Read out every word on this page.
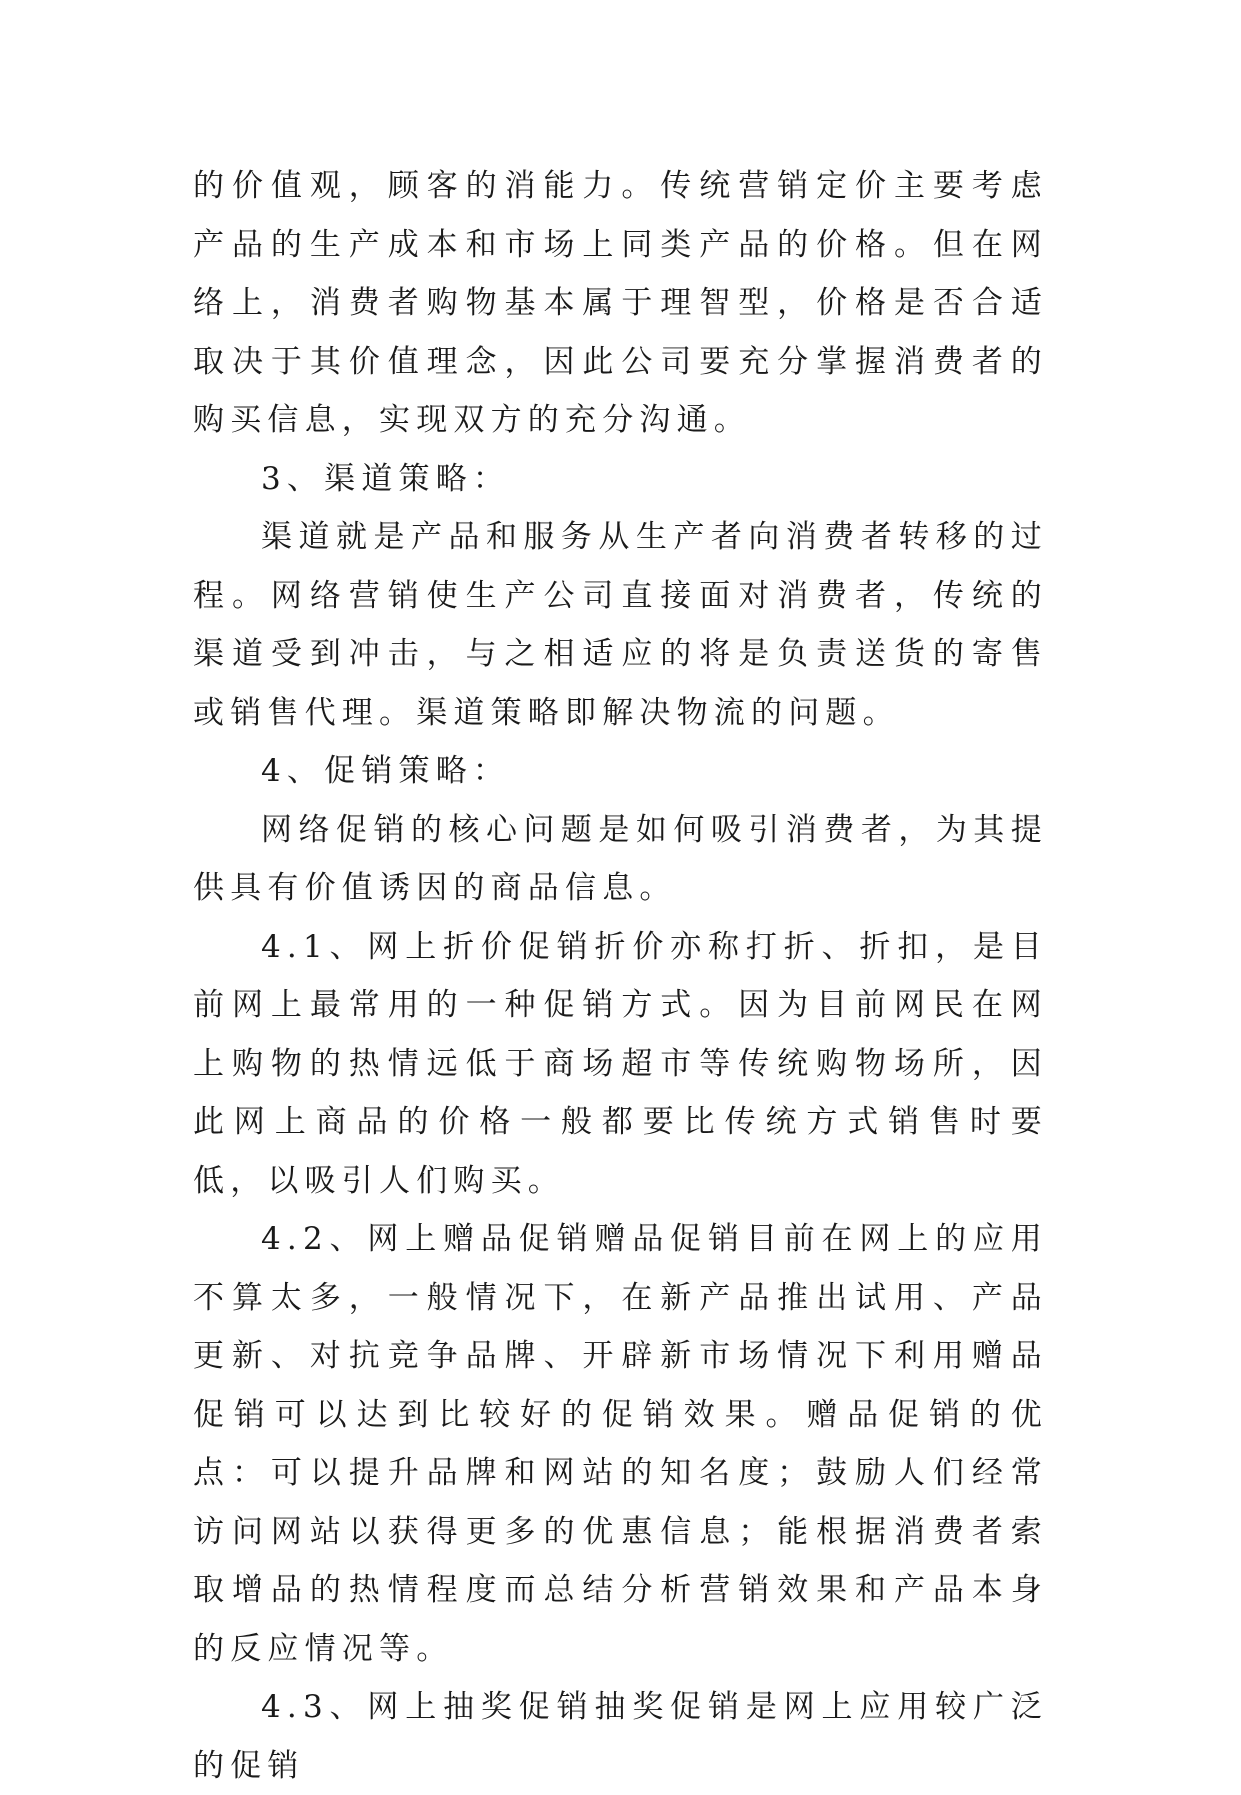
的价值观，顾客的消能力。传统营销定价主要考虑产品的生产成本和市场上同类产品的价格。但在网络上，消费者购物基本属于理智型，价格是否合适取决于其价值理念，因此公司要充分掌握消费者的购买信息，实现双方的充分沟通。

3、渠道策略：

渠道就是产品和服务从生产者向消费者转移的过程。网络营销使生产公司直接面对消费者，传统的渠道受到冲击，与之相适应的将是负责送货的寄售或销售代理。渠道策略即解决物流的问题。

4、促销策略：

网络促销的核心问题是如何吸引消费者，为其提供具有价值诱因的商品信息。

4.1、网上折价促销折价亦称打折、折扣，是目前网上最常用的一种促销方式。因为目前网民在网上购物的热情远低于商场超市等传统购物场所，因此网上商品的价格一般都要比传统方式销售时要低，以吸引人们购买。

4.2、网上赠品促销赠品促销目前在网上的应用不算太多，一般情况下，在新产品推出试用、产品更新、对抗竞争品牌、开辟新市场情况下利用赠品促销可以达到比较好的促销效果。赠品促销的优点：可以提升品牌和网站的知名度；鼓励人们经常访问网站以获得更多的优惠信息；能根据消费者索取增品的热情程度而总结分析营销效果和产品本身的反应情况等。

4.3、网上抽奖促销抽奖促销是网上应用较广泛的促销
